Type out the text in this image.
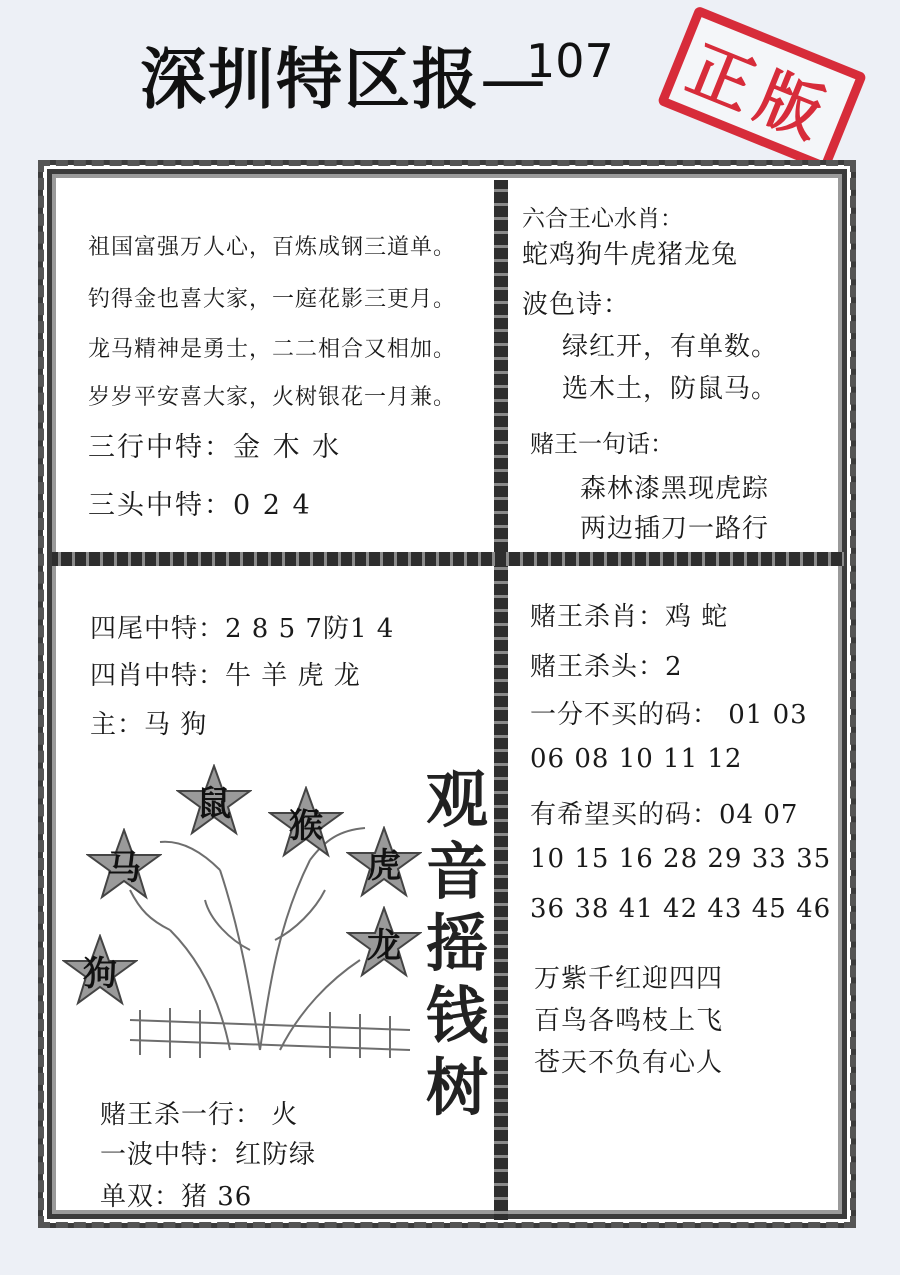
深圳特区报—
107 正版
祖国富强万人心，百炼成钢三道单。
钓得金也喜大家，一庭花影三更月。
龙马精神是勇士，二二相合又相加。
岁岁平安喜大家，火树银花一月兼。
三行中特：金 木 水
三头中特：0 2 4
六合王心水肖：
蛇鸡狗牛虎猪龙兔
波色诗：
绿红开，有单数。
选木土，防鼠马。
赌王一句话：
森林漆黑现虎踪
两边插刀一路行
四尾中特：2 8 5 7防1 4
四肖中特：牛 羊 虎 龙
主：马 狗
鼠
猴
马	虎
龙
狗
观
音
摇
钱
树
赌王杀一行： 火
一波中特：红防绿
单双：猪 36
赌王杀肖：鸡 蛇
赌王杀头：2
一分不买的码： 01 03
06 08 10 11 12
有希望买的码：04 07
10 15 16 28 29 33 35
36 38 41 42 43 45 46
万紫千红迎四四
百鸟各鸣枝上飞
苍天不负有心人
